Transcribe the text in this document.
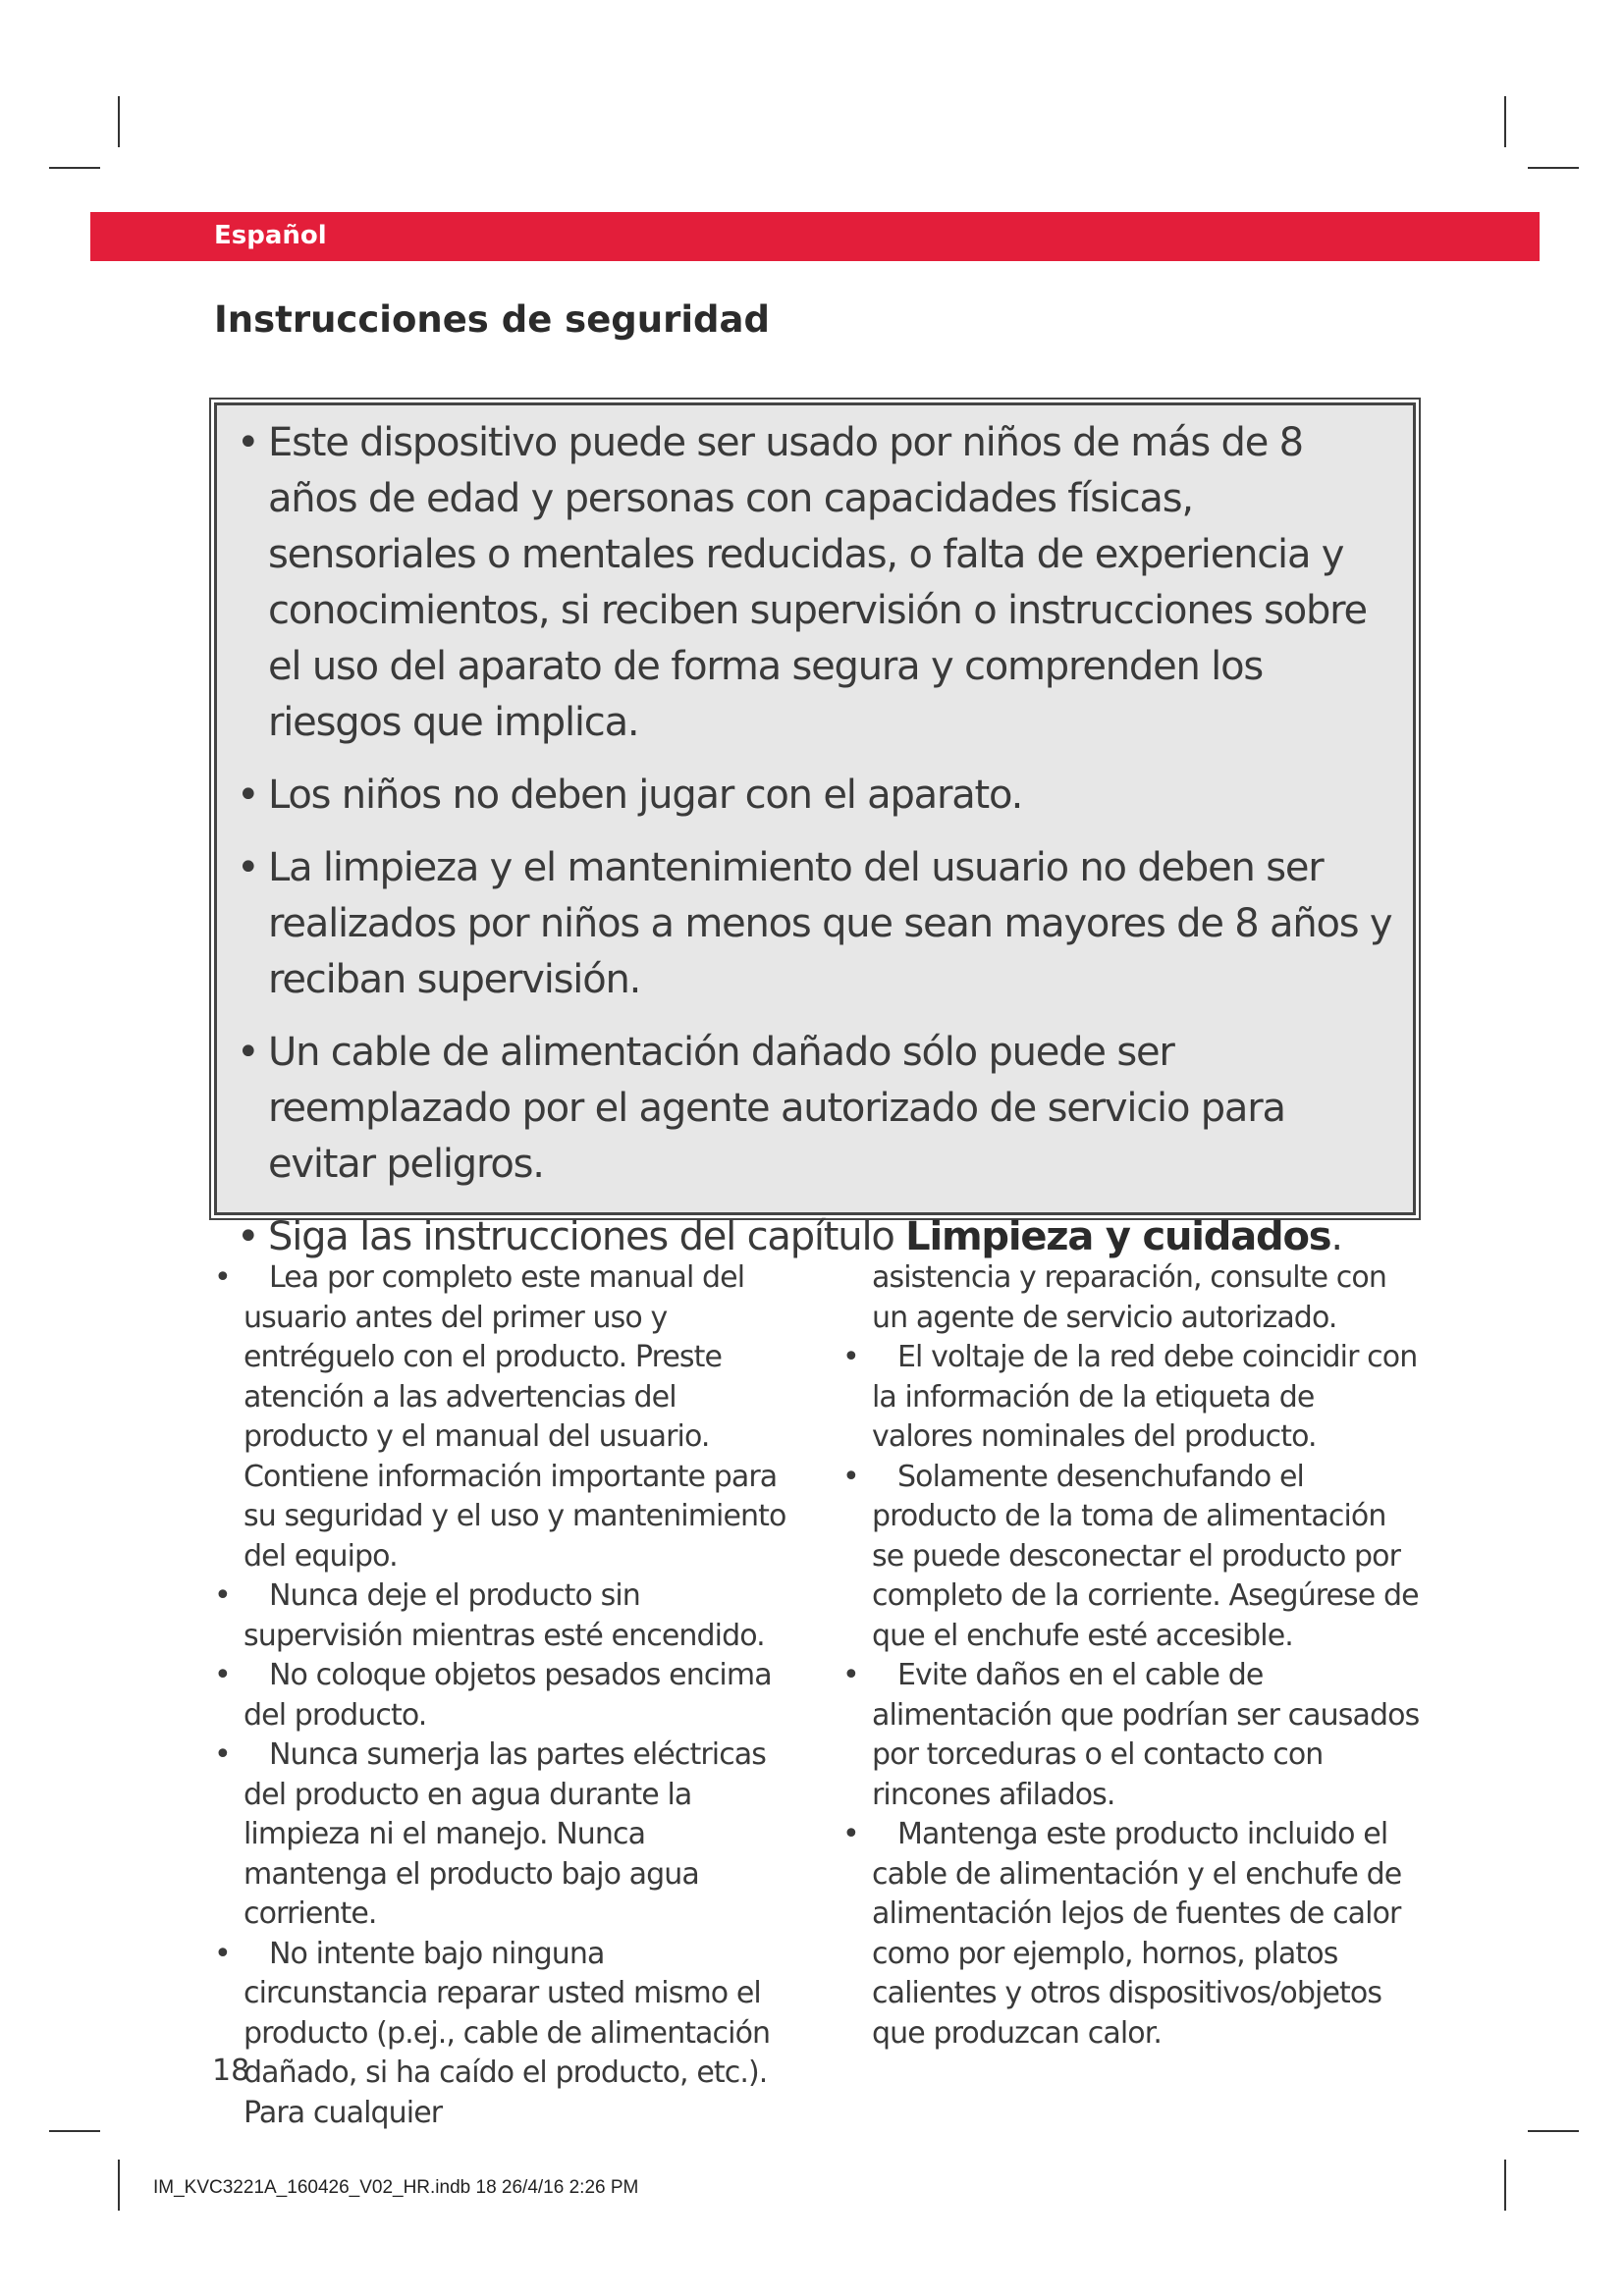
Español
Instrucciones de seguridad
• Este dispositivo puede ser usado por niños de más de 8 años de edad y personas con capacidades físicas, sensoriales o mentales reducidas, o falta de experiencia y conocimientos, si reciben supervisión o instrucciones sobre el uso del aparato de forma segura y comprenden los riesgos que implica.
• Los niños no deben jugar con el aparato.
• La limpieza y el mantenimiento del usuario no deben ser realizados por niños a menos que sean mayores de 8 años y reciban supervisión.
• Un cable de alimentación dañado sólo puede ser reemplazado por el agente autorizado de servicio para evitar peligros.
• Siga las instrucciones del capítulo Limpieza y cuidados.
•	Lea por completo este manual del usuario antes del primer uso y entréguelo con el producto. Preste atención a las advertencias del producto y el manual del usuario. Contiene información importante para su seguridad y el uso y mantenimiento del equipo.
•	Nunca deje el producto sin supervisión mientras esté encendido.
•	No coloque objetos pesados encima del producto.
•	Nunca sumerja las partes eléctricas del producto en agua durante la limpieza ni el manejo. Nunca mantenga el producto bajo agua corriente.
•	No intente bajo ninguna circunstancia reparar usted mismo el producto (p.ej., cable de alimentación dañado, si ha caído el producto, etc.). Para cualquier

asistencia y reparación, consulte con un agente de servicio autorizado.

•	El voltaje de la red debe coincidir con la información de la etiqueta de valores nominales del producto.
•	Solamente desenchufando el producto de la toma de alimentación se puede desconectar el producto por completo de la corriente. Asegúrese de que el enchufe esté accesible.
•	Evite daños en el cable de alimentación que podrían ser causados por torceduras o el contacto con rincones afilados.
•	Mantenga este producto incluido el cable de alimentación y el enchufe de alimentación lejos de fuentes de calor como por ejemplo, hornos, platos calientes y otros dispositivos/objetos que produzcan calor.
18
IM_KVC3221A_160426_V02_HR.indb 18 26/4/16 2:26 PM
